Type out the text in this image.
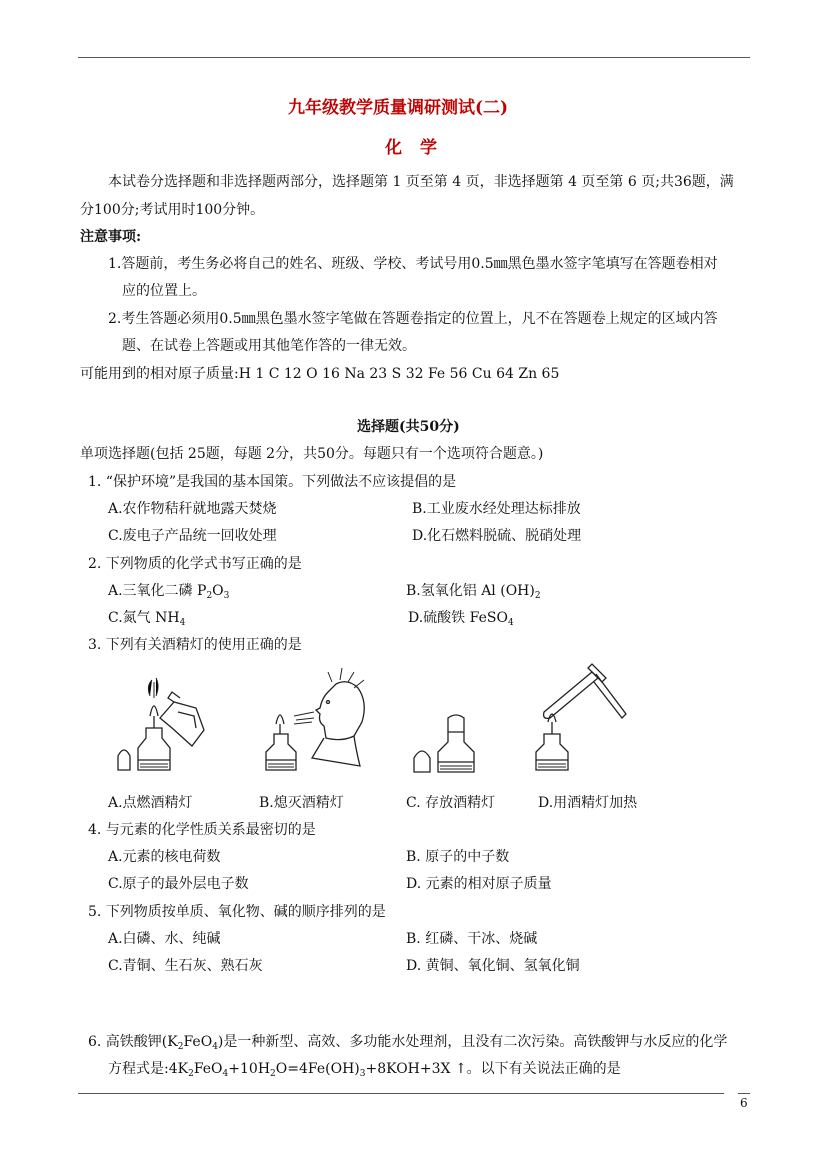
九年级教学质量调研测试(二)
化学
本试卷分选择题和非选择题两部分，选择题第 1 页至第 4 页，非选择题第 4 页至第 6 页;共36题，满
分100分;考试用时100分钟。
注意事项:
1.答题前，考生务必将自己的姓名、班级、学校、考试号用0.5㎜黑色墨水签字笔填写在答题卷相对
应的位置上。
2.考生答题必须用0.5㎜黑色墨水签字笔做在答题卷指定的位置上，凡不在答题卷上规定的区域内答
题、在试卷上答题或用其他笔作答的一律无效。
可能用到的相对原子质量:H 1 C 12 O 16 Na 23 S 32 Fe 56 Cu 64 Zn 65
选择题(共50分)
单项选择题(包括 25题，每题 2分，共50分。每题只有一个选项符合题意。)
1. “保护环境”是我国的基本国策。下列做法不应该提倡的是
A.农作物秸秆就地露天焚烧	B.工业废水经处理达标排放
C.废电子产品统一回收处理	D.化石燃料脱硫、脱硝处理
2. 下列物质的化学式书写正确的是
A.三氧化二磷 $P_2O_3$	B.氢氧化铝 Al $(OH)_2$
C.氮气 $NH_4$	D.硫酸铁 FeSO$_4$
3. 下列有关酒精灯的使用正确的是
A.点燃酒精灯	B.熄灭酒精灯	C. 存放酒精灯	D.用酒精灯加热
4. 与元素的化学性质关系最密切的是
A.元素的核电荷数	B. 原子的中子数
C.原子的最外层电子数	D. 元素的相对原子质量
5. 下列物质按单质、氧化物、碱的顺序排列的是
A.白磷、水、纯碱	B. 红磷、干冰、烧碱
C.青铜、生石灰、熟石灰	D. 黄铜、氧化铜、氢氧化铜
6. 高铁酸钾$(K_2FeO_4)$是一种新型、高效、多功能水处理剂，且没有二次污染。高铁酸钾与水反应的化学
方程式是$:4K_2FeO_4+10H_2O=4Fe(OH)_3+8KOH+3X$ ↑。以下有关说法正确的是
6
